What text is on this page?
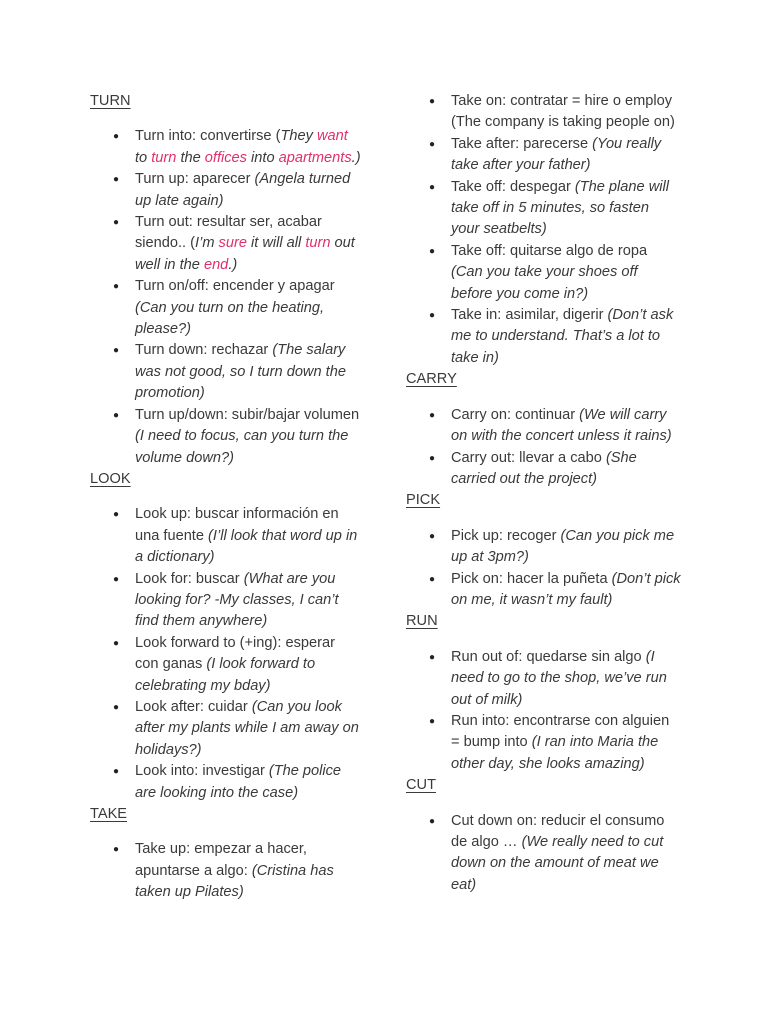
TURN
● Turn into: convertirse (They want to turn the offices into apartments.)
● Turn up: aparecer (Angela turned up late again)
● Turn out: resultar ser, acabar siendo.. (I’m sure it will all turn out well in the end.)
● Turn on/off: encender y apagar (Can you turn on the heating, please?)
● Turn down: rechazar (The salary was not good, so I turn down the promotion)
● Turn up/down: subir/bajar volumen (I need to focus, can you turn the volume down?)
LOOK
● Look up: buscar información en una fuente (I’ll look that word up in a dictionary)
● Look for: buscar (What are you looking for? -My classes, I can’t find them anywhere)
● Look forward to (+ing): esperar con ganas (I look forward to celebrating my bday)
● Look after: cuidar (Can you look after my plants while I am away on holidays?)
● Look into: investigar (The police are looking into the case)
TAKE
● Take up: empezar a hacer, apuntarse a algo: (Cristina has taken up Pilates)
● Take on: contratar = hire o employ (The company is taking people on)
● Take after: parecerse (You really take after your father)
● Take off: despegar (The plane will take off in 5 minutes, so fasten your seatbelts)
● Take off: quitarse algo de ropa (Can you take your shoes off before you come in?)
● Take in: asimilar, digerir (Don’t ask me to understand. That’s a lot to take in)
CARRY
● Carry on: continuar (We will carry on with the concert unless it rains)
● Carry out: llevar a cabo (She carried out the project)
PICK
● Pick up: recoger (Can you pick me up at 3pm?)
● Pick on: hacer la puñeta (Don’t pick on me, it wasn’t my fault)
RUN
● Run out of: quedarse sin algo (I need to go to the shop, we’ve run out of milk)
● Run into: encontrarse con alguien = bump into (I ran into Maria the other day, she looks amazing)
CUT
● Cut down on: reducir el consumo de algo … (We really need to cut down on the amount of meat we eat)
